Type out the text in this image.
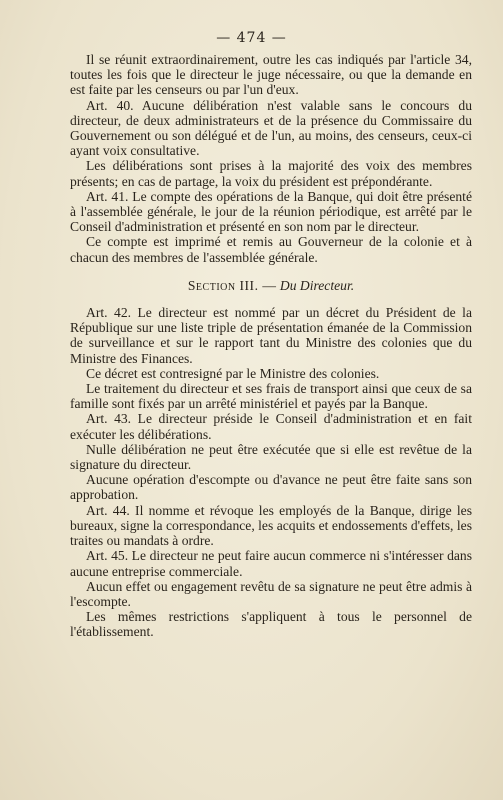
— 474 —

Il se réunit extraordinairement, outre les cas indiqués par l'article 34, toutes les fois que le directeur le juge nécessaire, ou que la demande en est faite par les censeurs ou par l'un d'eux.

Art. 40. Aucune délibération n'est valable sans le concours du directeur, de deux administrateurs et de la présence du Commissaire du Gouvernement ou son délégué et de l'un, au moins, des censeurs, ceux-ci ayant voix consultative.

Les délibérations sont prises à la majorité des voix des membres présents; en cas de partage, la voix du président est prépondérante.

Art. 41. Le compte des opérations de la Banque, qui doit être présenté à l'assemblée générale, le jour de la réunion périodique, est arrêté par le Conseil d'administration et présenté en son nom par le directeur.

Ce compte est imprimé et remis au Gouverneur de la colonie et à chacun des membres de l'assemblée générale.

Section III. — Du Directeur.

Art. 42. Le directeur est nommé par un décret du Président de la République sur une liste triple de présentation émanée de la Commission de surveillance et sur le rapport tant du Ministre des colonies que du Ministre des Finances.

Ce décret est contresigné par le Ministre des colonies.

Le traitement du directeur et ses frais de transport ainsi que ceux de sa famille sont fixés par un arrêté ministériel et payés par la Banque.

Art. 43. Le directeur préside le Conseil d'administration et en fait exécuter les délibérations.

Nulle délibération ne peut être exécutée que si elle est revêtue de la signature du directeur.

Aucune opération d'escompte ou d'avance ne peut être faite sans son approbation.

Art. 44. Il nomme et révoque les employés de la Banque, dirige les bureaux, signe la correspondance, les acquits et endossements d'effets, les traites ou mandats à ordre.

Art. 45. Le directeur ne peut faire aucun commerce ni s'intéresser dans aucune entreprise commerciale.

Aucun effet ou engagement revêtu de sa signature ne peut être admis à l'escompte.

Les mêmes restrictions s'appliquent à tous le personnel de l'établissement.
